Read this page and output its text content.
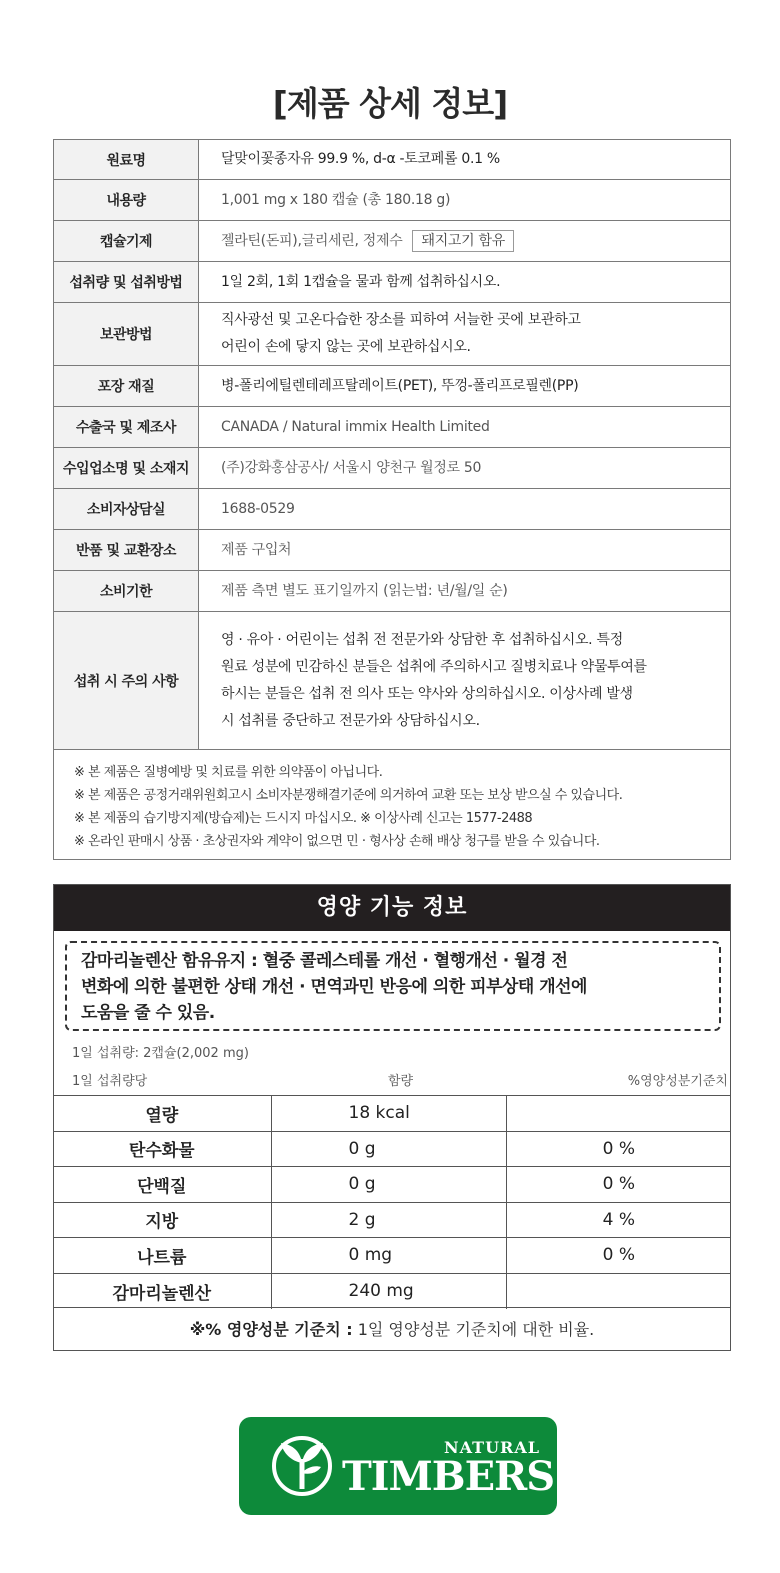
[제품 상세 정보]
원료명	달맞이꽃종자유 99.9 %, d-α -토코페롤 0.1 %

내용량	1,001 mg x 180 캡슐 (총 180.18 g)

캡슐기제	젤라틴(돈피),글리세린, 정제수 돼지고기 함유

섭취량 및 섭취방법	1일 2회, 1회 1캡슐을 물과 함께 섭취하십시오.

보관방법	직사광선 및 고온다습한 장소를 피하여 서늘한 곳에 보관하고
어린이 손에 닿지 않는 곳에 보관하십시오.

포장 재질	병-폴리에틸렌테레프탈레이트(PET), 뚜껑-폴리프로필렌(PP)

수출국 및 제조사	CANADA / Natural immix Health Limited

수입업소명 및 소재지	(주)강화홍삼공사/ 서울시 양천구 월정로 50

소비자상담실	1688-0529

반품 및 교환장소	제품 구입처

소비기한	제품 측면 별도 표기일까지 (읽는법: 년/월/일 순)

섭취 시 주의 사항	영 · 유아 · 어린이는 섭취 전 전문가와 상담한 후 섭취하십시오. 특정
원료 성분에 민감하신 분들은 섭취에 주의하시고 질병치료나 약물투여를
하시는 분들은 섭취 전 의사 또는 약사와 상의하십시오. 이상사례 발생
시 섭취를 중단하고 전문가와 상담하십시오.

※ 본 제품은 질병예방 및 치료를 위한 의약품이 아닙니다.
※ 본 제품은 공정거래위원회고시 소비자분쟁해결기준에 의거하여 교환 또는 보상 받으실 수 있습니다.
※ 본 제품의 습기방지제(방습제)는 드시지 마십시오. ※ 이상사례 신고는 1577-2488
※ 온라인 판매시 상품 · 초상권자와 계약이 없으면 민 · 형사상 손해 배상 청구를 받을 수 있습니다.	
영양 기능 정보
감마리놀렌산 함유유지 : 혈중 콜레스테롤 개선 · 혈행개선 · 월경 전
변화에 의한 불편한 상태 개선 · 면역과민 반응에 의한 피부상태 개선에
도움을 줄 수 있음.
1일 섭취량: 2캡슐(2,002 mg)
1일 섭취량당	함량	%영양성분기준치
열량	18 kcal	
탄수화물	0 g	0 %
단백질	0 g	0 %
지방	2 g	4 %
나트륨	0 mg	0 %
감마리놀렌산	240 mg	
※% 영양성분 기준치 : 1일 영양성분 기준치에 대한 비율.
NATURAL
TIMBERS
